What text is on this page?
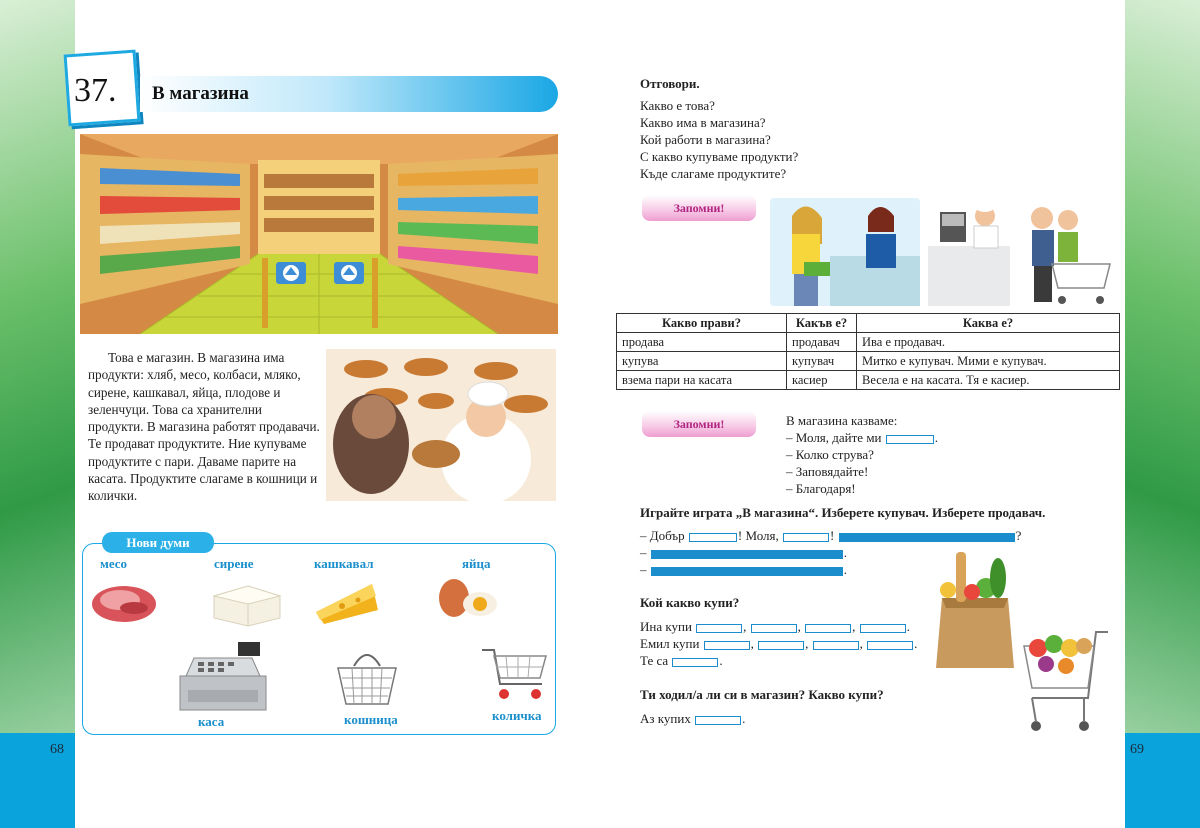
68	69
37. В магазина
Това е магазин. В магазина има продукти: хляб, месо, колбаси, мляко, сирене, кашкавал, яйца, плодове и зеленчуци. Това са хранителни продукти. В магазина работят продавачи. Те продават продуктите. Ние купуваме продуктите с пари. Даваме парите на касата. Продуктите слагаме в кошници и колички.
Нови думи
месо	сирене	кашкавал	яйца
каса	кошница	количка
Отговори.
Какво е това?
Какво има в магазина?
Кой работи в магазина?
С какво купуваме продукти?
Къде слагаме продуктите?
Запомни!
Какво прави?	Какъв е?	Каква е?
продава	продавач	Ива е продавач.
купува	купувач	Митко е купувач. Мими е купувач.
взема пари на касата	касиер	Весела е на касата. Тя е касиер.
Запомни!	В магазина казваме:
– Моля, дайте ми	.
– Колко струва?
– Заповядайте!
– Благодаря!
Играйте играта „В магазина“. Изберете купувач. Изберете продавач.
– Добър	! Моля,	!	?
–	.
–	.
Кой какво купи?
Ина купи	,	,	,	.
Емил купи	,	,	,	.
Те са	.
Ти ходил/а ли си в магазин? Какво купи?
Аз купих	.
